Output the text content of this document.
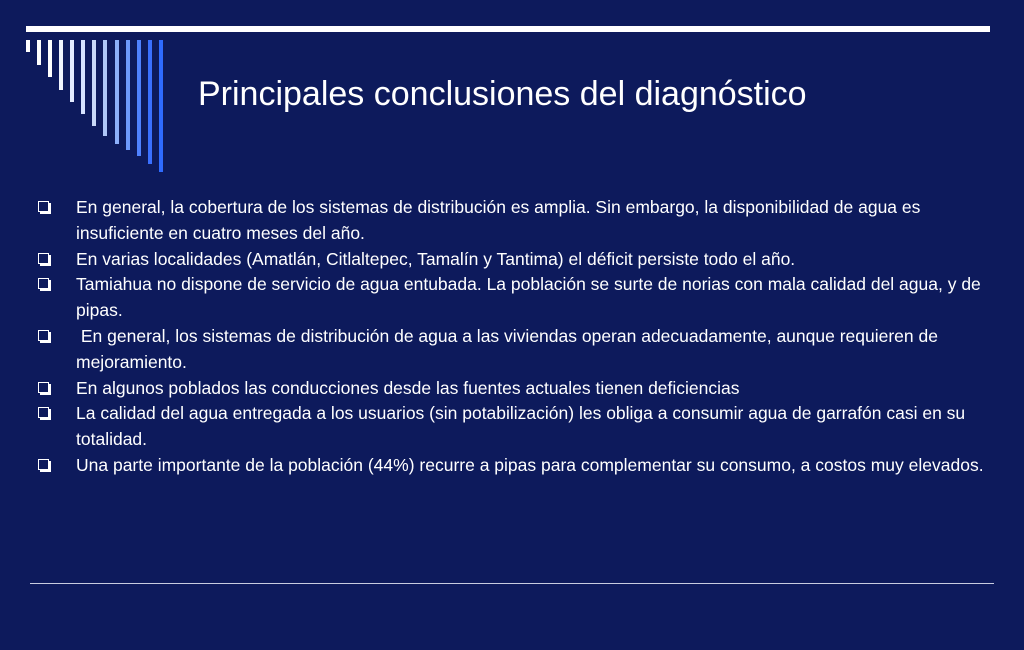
Principales conclusiones del diagnóstico
En general, la cobertura de los sistemas de distribución es amplia. Sin embargo, la disponibilidad de agua es insuficiente en cuatro meses del año.
En varias localidades (Amatlán, Citlaltepec, Tamalín y Tantima) el déficit persiste todo el año.
Tamiahua no dispone de servicio de agua entubada. La población se surte de norias con mala calidad del agua, y de pipas.
En general, los sistemas de distribución de agua a las viviendas operan adecuadamente, aunque requieren de mejoramiento.
En algunos poblados las conducciones desde las fuentes actuales tienen deficiencias
La calidad del agua entregada a los usuarios (sin potabilización) les obliga a consumir agua de garrafón casi en su totalidad.
Una parte importante de la población (44%) recurre a pipas para complementar su consumo, a costos muy elevados.
